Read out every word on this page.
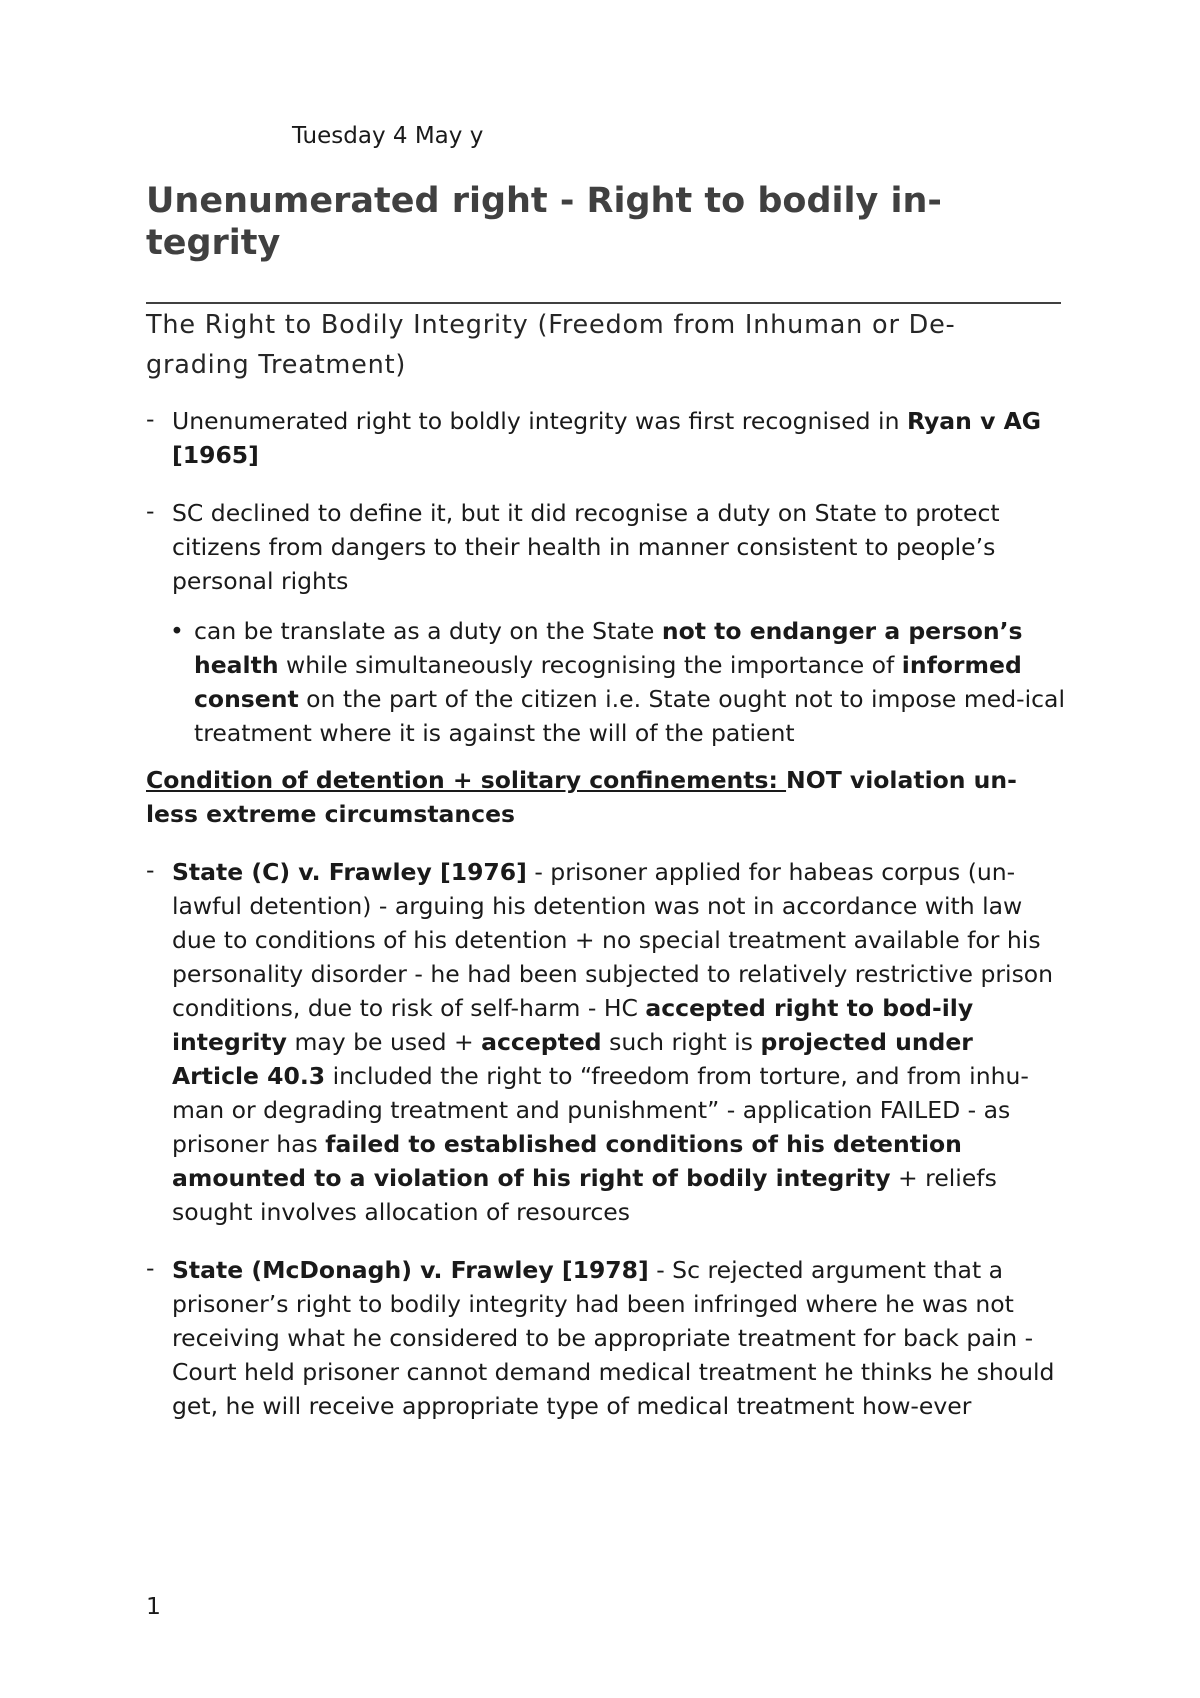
Tuesday 4 May y
Unenumerated right - Right to bodily in-
tegrity
The Right to Bodily Integrity (Freedom from Inhuman or De-
grading Treatment)
- Unenumerated right to boldly integrity was first recognised in Ryan v AG [1965]
- SC declined to define it, but it did recognise a duty on State to protect citizens from dangers to their health in manner consistent to people’s personal rights
• can be translate as a duty on the State not to endanger a person’s health while simultaneously recognising the importance of informed consent on the part of the citizen i.e. State ought not to impose med-ical treatment where it is against the will of the patient
Condition of detention + solitary confinements: NOT violation un-less extreme circumstances
- State (C) v. Frawley [1976] - prisoner applied for habeas corpus (un-lawful detention) - arguing his detention was not in accordance with law due to conditions of his detention + no special treatment available for his personality disorder - he had been subjected to relatively restrictive prison conditions, due to risk of self-harm - HC accepted right to bod-ily integrity may be used + accepted such right is projected under Article 40.3 included the right to “freedom from torture, and from inhu-man or degrading treatment and punishment” - application FAILED - as prisoner has failed to established conditions of his detention amounted to a violation of his right of bodily integrity + reliefs sought involves allocation of resources
- State (McDonagh) v. Frawley [1978] - Sc rejected argument that a prisoner’s right to bodily integrity had been infringed where he was not receiving what he considered to be appropriate treatment for back pain - Court held prisoner cannot demand medical treatment he thinks he should get, he will receive appropriate type of medical treatment how-ever
1
